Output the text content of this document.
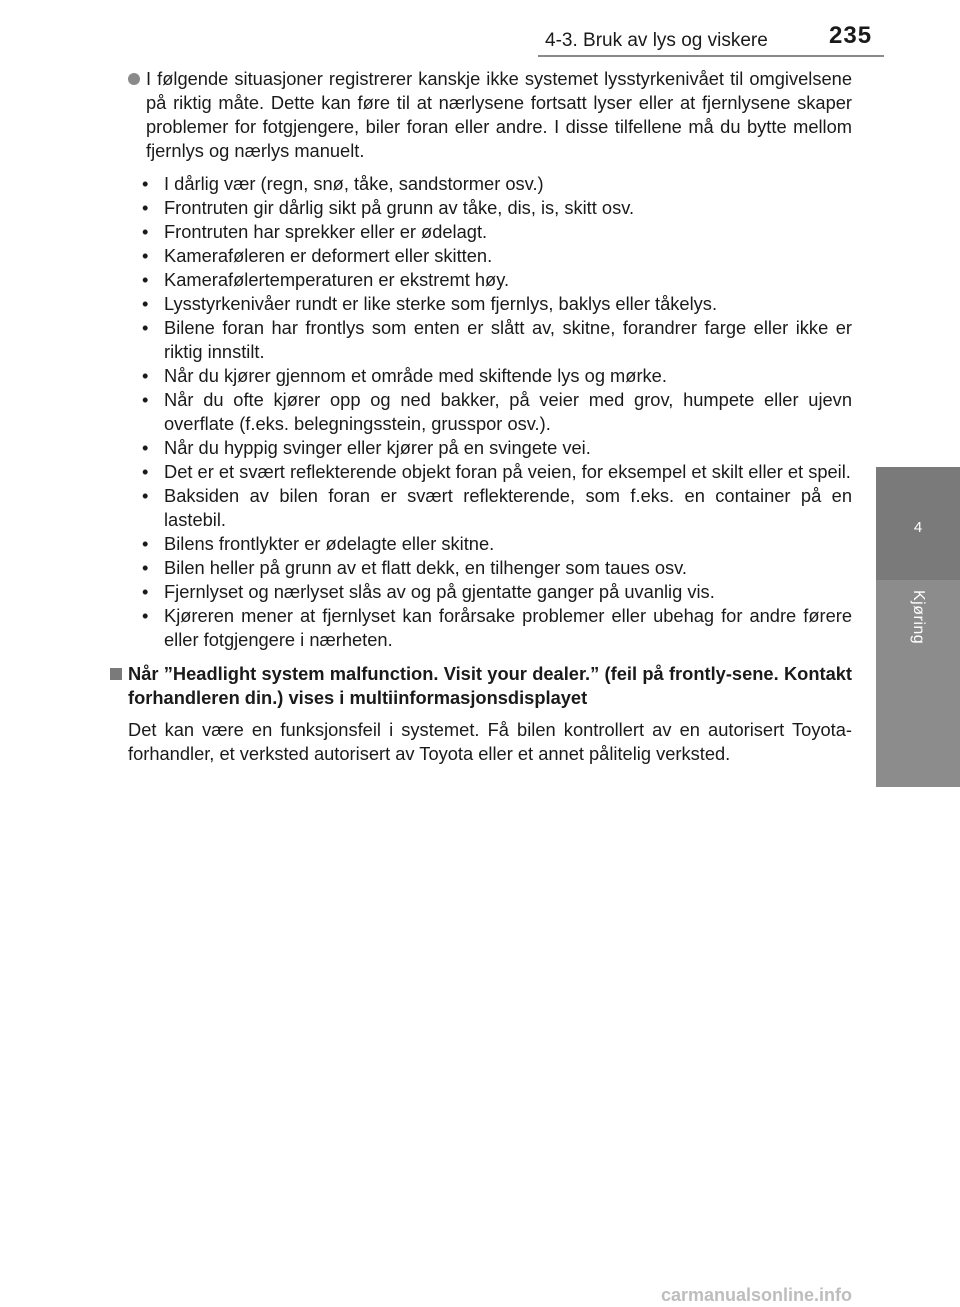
4-3. Bruk av lys og viskere	235
4
Kjøring
I følgende situasjoner registrerer kanskje ikke systemet lysstyrkenivået til omgivelsene på riktig måte. Dette kan føre til at nærlysene fortsatt lyser eller at fjernlysene skaper problemer for fotgjengere, biler foran eller andre. I disse tilfellene må du bytte mellom fjernlys og nærlys manuelt.
• I dårlig vær (regn, snø, tåke, sandstormer osv.)
• Frontruten gir dårlig sikt på grunn av tåke, dis, is, skitt osv.
• Frontruten har sprekker eller er ødelagt.
• Kameraføleren er deformert eller skitten.
• Kamerafølertemperaturen er ekstremt høy.
• Lysstyrkenivåer rundt er like sterke som fjernlys, baklys eller tåkelys.
• Bilene foran har frontlys som enten er slått av, skitne, forandrer farge eller ikke er riktig innstilt.
• Når du kjører gjennom et område med skiftende lys og mørke.
• Når du ofte kjører opp og ned bakker, på veier med grov, humpete eller ujevn overflate (f.eks. belegningsstein, grusspor osv.).
• Når du hyppig svinger eller kjører på en svingete vei.
• Det er et svært reflekterende objekt foran på veien, for eksempel et skilt eller et speil.
• Baksiden av bilen foran er svært reflekterende, som f.eks. en container på en lastebil.
• Bilens frontlykter er ødelagte eller skitne.
• Bilen heller på grunn av et flatt dekk, en tilhenger som taues osv.
• Fjernlyset og nærlyset slås av og på gjentatte ganger på uvanlig vis.
• Kjøreren mener at fjernlyset kan forårsake problemer eller ubehag for andre førere eller fotgjengere i nærheten.

Når ”Headlight system malfunction. Visit your dealer.” (feil på frontly-sene. Kontakt forhandleren din.) vises i multiinformasjonsdisplayet

Det kan være en funksjonsfeil i systemet. Få bilen kontrollert av en autorisert Toyota-forhandler, et verksted autorisert av Toyota eller et annet pålitelig verksted.

carmanualsonline.info
